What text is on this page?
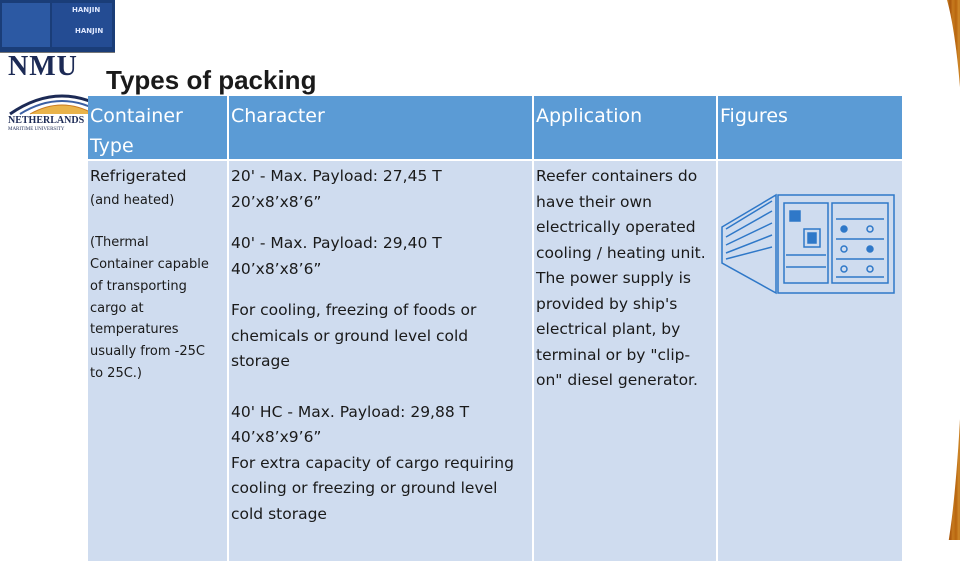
HANJIN
HANJIN
NMU
NETHERLANDS
MARITIME UNIVERSITY
Types of packing
Container
Type
Character	Application	Figures
Refrigerated
(and heated)
(Thermal
Container capable
of transporting
cargo at
temperatures
usually from -25C
to 25C.)
20' - Max. Payload: 27,45 T
20’x8’x8’6”
40' - Max. Payload: 29,40 T
40’x8’x8’6”
For cooling, freezing of foods or
chemicals or ground level cold
storage
40' HC - Max. Payload: 29,88 T
40’x8’x9’6”
For extra capacity of cargo requiring
cooling or freezing or ground level
cold storage
Reefer containers do
have their own
electrically operated
cooling / heating unit.
The power supply is
provided by ship's
electrical plant, by
terminal or by "clip-
on" diesel generator.
